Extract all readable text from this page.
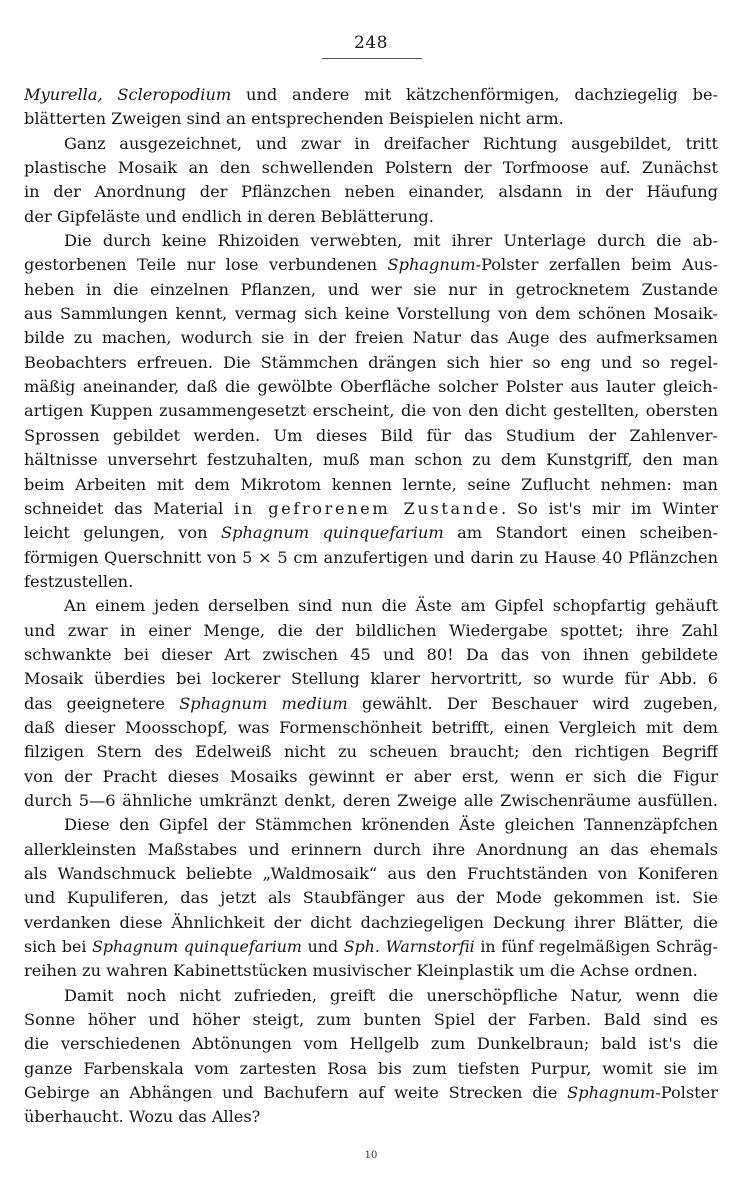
248
Myurella, Scleropodium und andere mit kätzchenförmigen, dachziegelig be-
blätterten Zweigen sind an entsprechenden Beispielen nicht arm.
Ganz ausgezeichnet, und zwar in dreifacher Richtung ausgebildet, tritt
plastische Mosaik an den schwellenden Polstern der Torfmoose auf. Zunächst
in der Anordnung der Pflänzchen neben einander, alsdann in der Häufung
der Gipfeläste und endlich in deren Beblätterung.
Die durch keine Rhizoiden verwebten, mit ihrer Unterlage durch die ab-
gestorbenen Teile nur lose verbundenen Sphagnum-Polster zerfallen beim Aus-
heben in die einzelnen Pflanzen, und wer sie nur in getrocknetem Zustande
aus Sammlungen kennt, vermag sich keine Vorstellung von dem schönen Mosaik-
bilde zu machen, wodurch sie in der freien Natur das Auge des aufmerksamen
Beobachters erfreuen. Die Stämmchen drängen sich hier so eng und so regel-
mäßig aneinander, daß die gewölbte Oberfläche solcher Polster aus lauter gleich-
artigen Kuppen zusammengesetzt erscheint, die von den dicht gestellten, obersten
Sprossen gebildet werden. Um dieses Bild für das Studium der Zahlenver-
hältnisse unversehrt festzuhalten, muß man schon zu dem Kunstgriff, den man
beim Arbeiten mit dem Mikrotom kennen lernte, seine Zuflucht nehmen: man
schneidet das Material in gefrorenem Zustande. So ist's mir im Winter
leicht gelungen, von Sphagnum quinquefarium am Standort einen scheiben-
förmigen Querschnitt von 5 × 5 cm anzufertigen und darin zu Hause 40 Pflänzchen
festzustellen.
An einem jeden derselben sind nun die Äste am Gipfel schopfartig gehäuft
und zwar in einer Menge, die der bildlichen Wiedergabe spottet; ihre Zahl
schwankte bei dieser Art zwischen 45 und 80! Da das von ihnen gebildete
Mosaik überdies bei lockerer Stellung klarer hervortritt, so wurde für Abb. 6
das geeignetere Sphagnum medium gewählt. Der Beschauer wird zugeben,
daß dieser Moosschopf, was Formenschönheit betrifft, einen Vergleich mit dem
filzigen Stern des Edelweiß nicht zu scheuen braucht; den richtigen Begriff
von der Pracht dieses Mosaiks gewinnt er aber erst, wenn er sich die Figur
durch 5—6 ähnliche umkränzt denkt, deren Zweige alle Zwischenräume ausfüllen.
Diese den Gipfel der Stämmchen krönenden Äste gleichen Tannenzäpfchen
allerkleinsten Maßstabes und erinnern durch ihre Anordnung an das ehemals
als Wandschmuck beliebte „Waldmosaik“ aus den Fruchtständen von Koniferen
und Kupuliferen, das jetzt als Staubfänger aus der Mode gekommen ist. Sie
verdanken diese Ähnlichkeit der dicht dachziegeligen Deckung ihrer Blätter, die
sich bei Sphagnum quinquefarium und Sph. Warnstorfii in fünf regelmäßigen Schräg-
reihen zu wahren Kabinettstücken musivischer Kleinplastik um die Achse ordnen.
Damit noch nicht zufrieden, greift die unerschöpfliche Natur, wenn die
Sonne höher und höher steigt, zum bunten Spiel der Farben. Bald sind es
die verschiedenen Abtönungen vom Hellgelb zum Dunkelbraun; bald ist's die
ganze Farbenskala vom zartesten Rosa bis zum tiefsten Purpur, womit sie im
Gebirge an Abhängen und Bachufern auf weite Strecken die Sphagnum-Polster
überhaucht. Wozu das Alles?
10
